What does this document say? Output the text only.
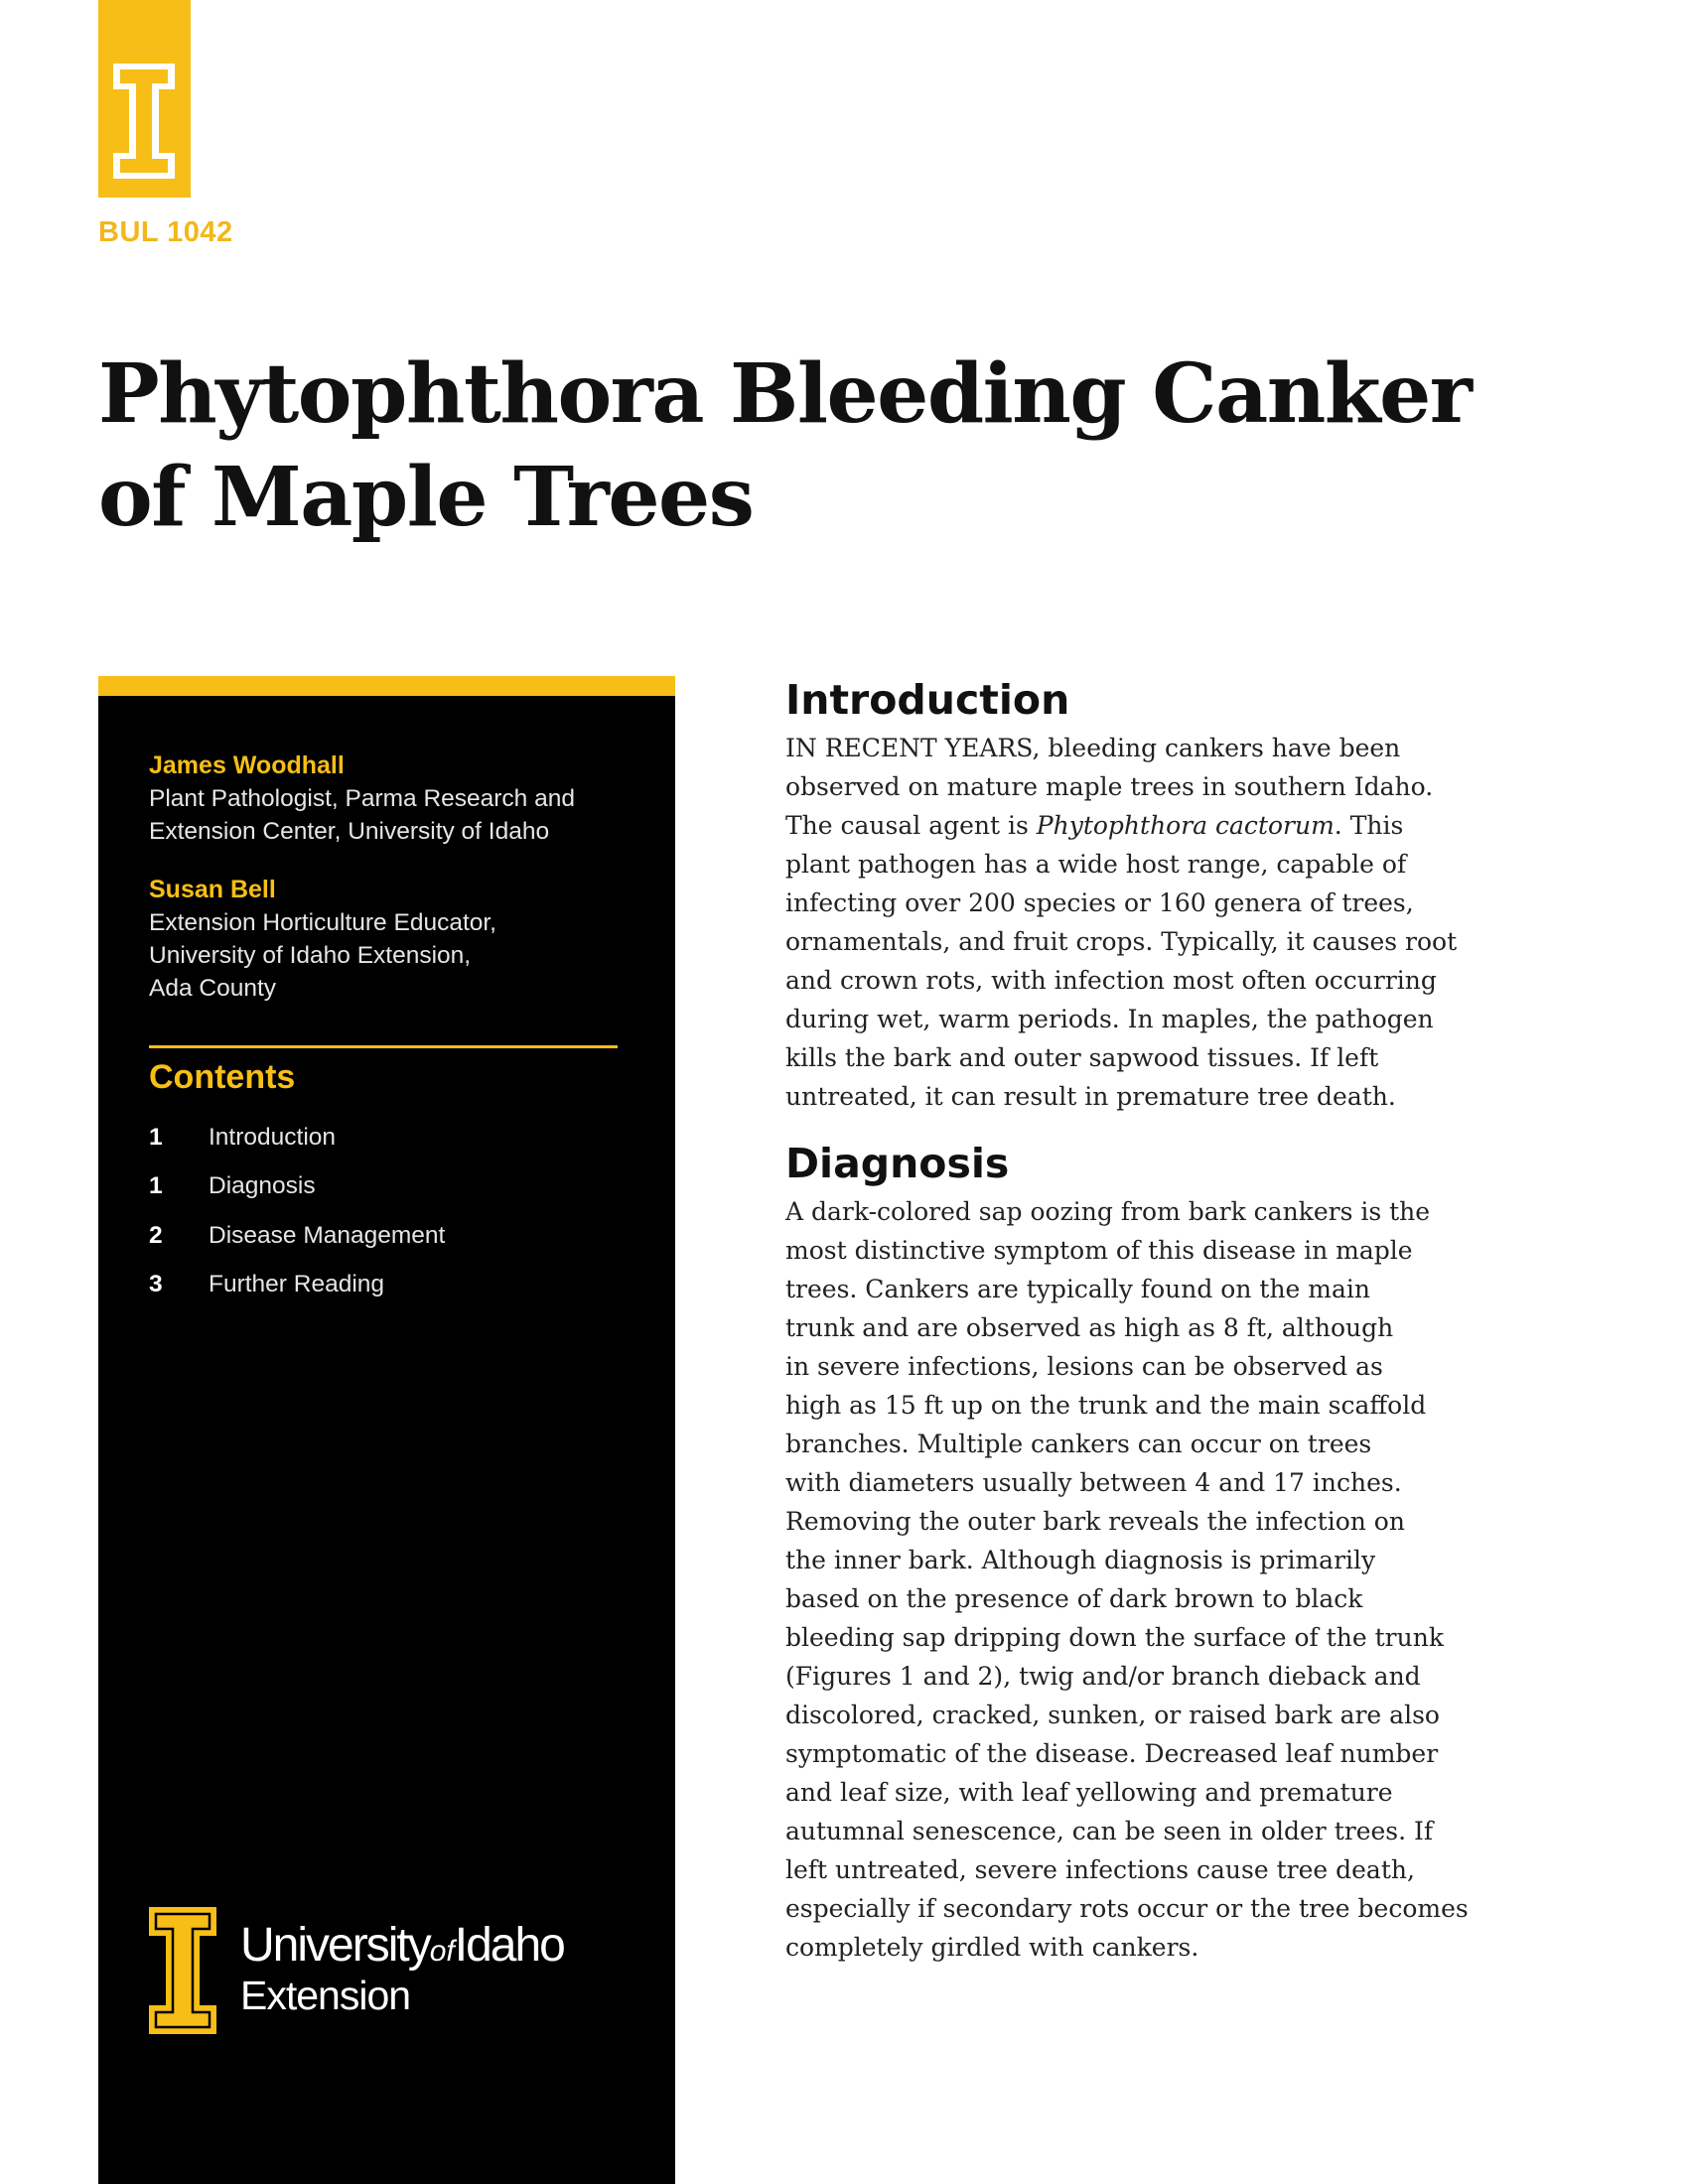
BUL 1042
Phytophthora Bleeding Canker
of Maple Trees
James Woodhall
Plant Pathologist, Parma Research and
Extension Center, University of Idaho
Susan Bell
Extension Horticulture Educator,
University of Idaho Extension,
Ada County
Contents
1	Introduction
1	Diagnosis
2	Disease Management
3	Further Reading
UniversityofIdaho
Extension
Introduction

IN RECENT YEARS, bleeding cankers have been
observed on mature maple trees in southern Idaho.
The causal agent is Phytophthora cactorum. This
plant pathogen has a wide host range, capable of
infecting over 200 species or 160 genera of trees,
ornamentals, and fruit crops. Typically, it causes root
and crown rots, with infection most often occurring
during wet, warm periods. In maples, the pathogen
kills the bark and outer sapwood tissues. If left
untreated, it can result in premature tree death.

Diagnosis

A dark-colored sap oozing from bark cankers is the
most distinctive symptom of this disease in maple
trees. Cankers are typically found on the main
trunk and are observed as high as 8 ft, although
in severe infections, lesions can be observed as
high as 15 ft up on the trunk and the main scaffold
branches. Multiple cankers can occur on trees
with diameters usually between 4 and 17 inches.
Removing the outer bark reveals the infection on
the inner bark. Although diagnosis is primarily
based on the presence of dark brown to black
bleeding sap dripping down the surface of the trunk
(Figures 1 and 2), twig and/or branch dieback and
discolored, cracked, sunken, or raised bark are also
symptomatic of the disease. Decreased leaf number
and leaf size, with leaf yellowing and premature
autumnal senescence, can be seen in older trees. If
left untreated, severe infections cause tree death,
especially if secondary rots occur or the tree becomes
completely girdled with cankers.
